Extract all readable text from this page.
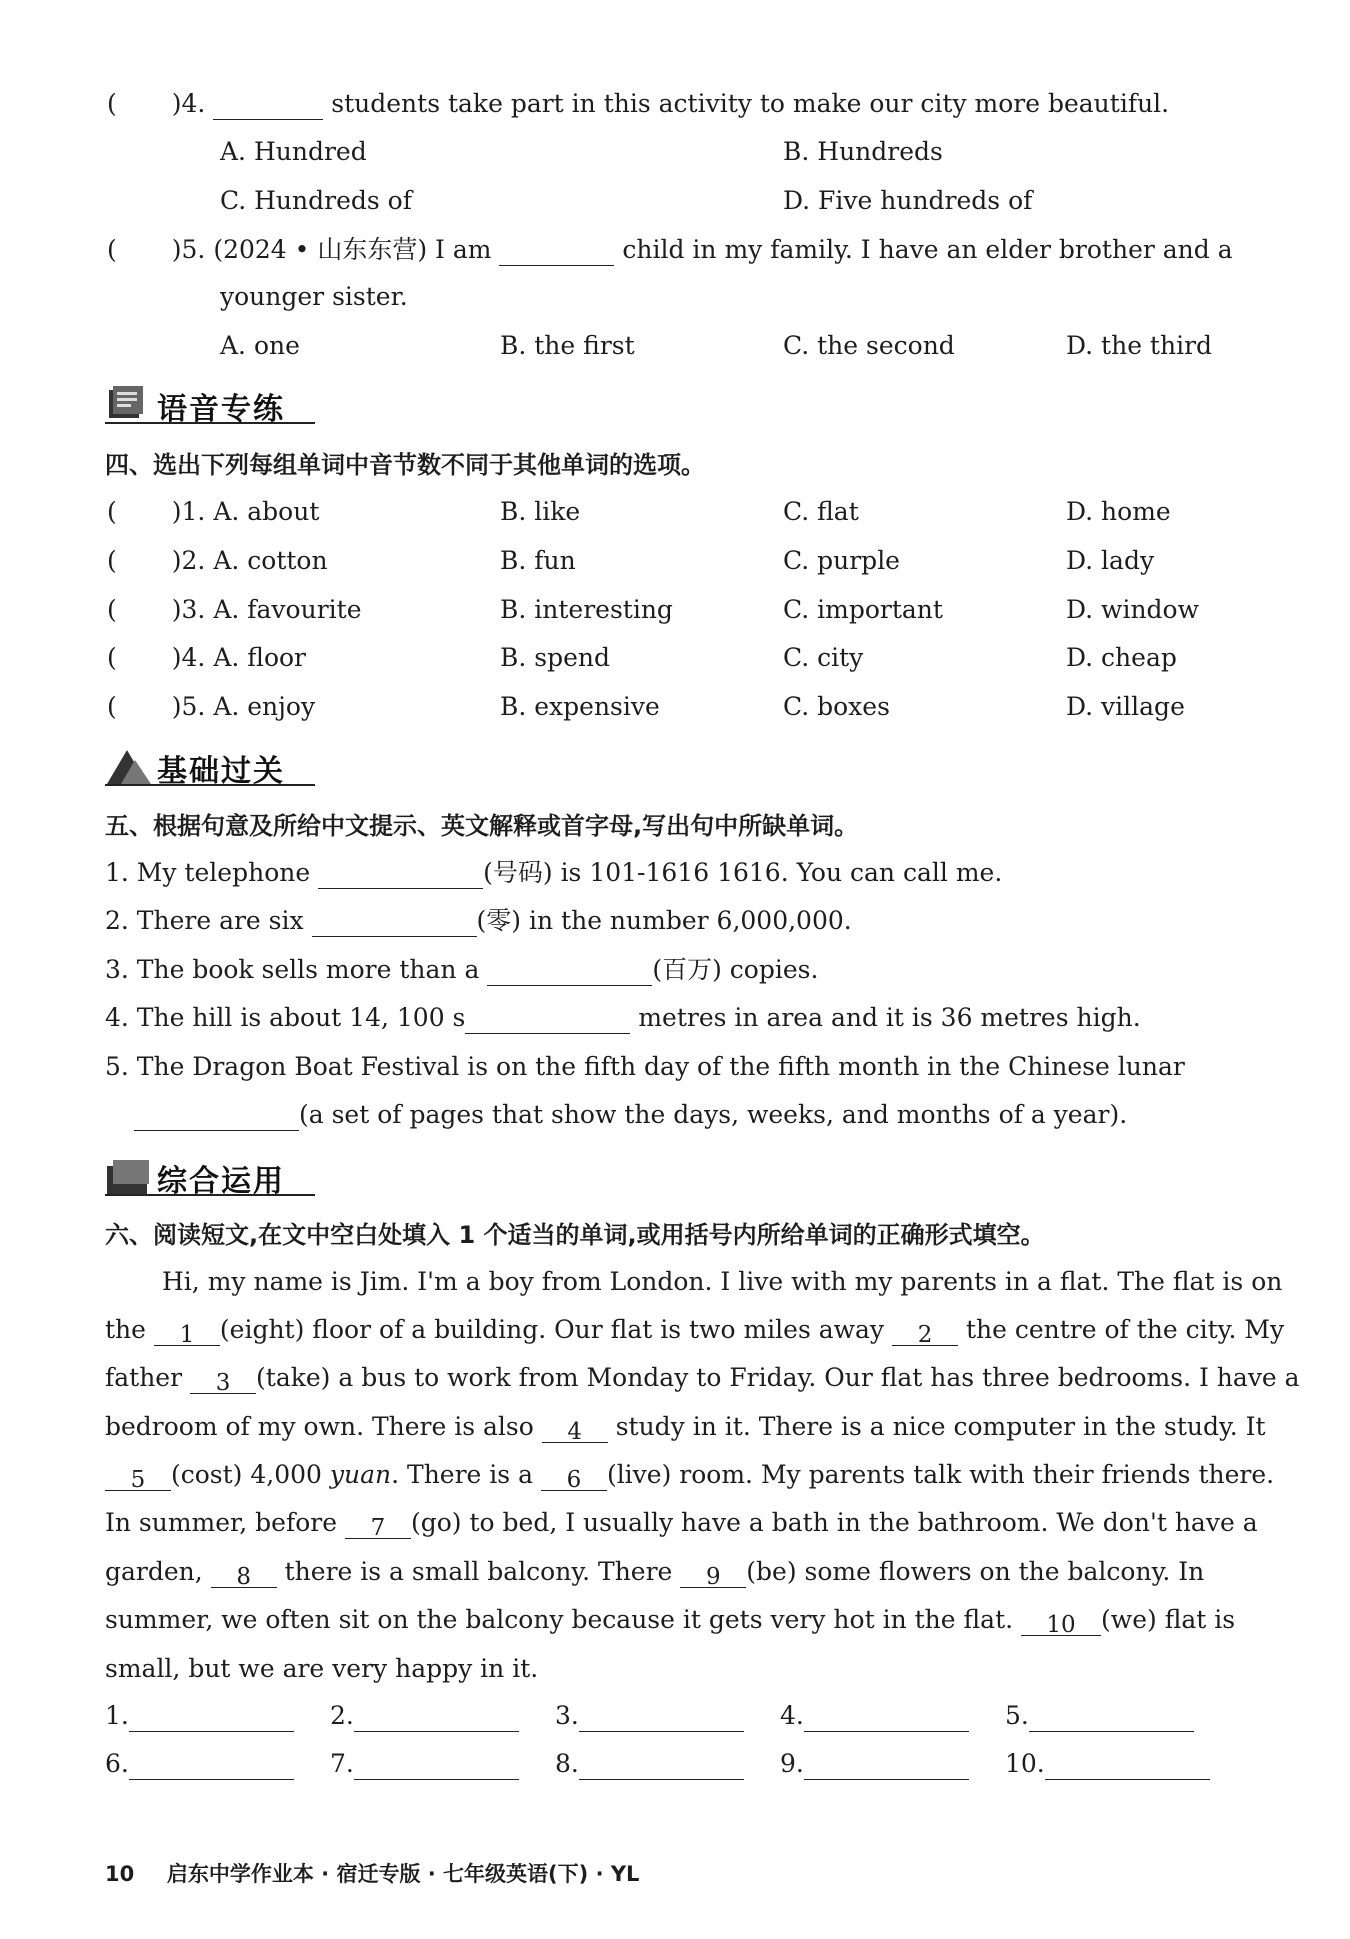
( )4.	students take part in this activity to make our city more beautiful.
A. Hundred	B. Hundreds
C. Hundreds of	D. Five hundreds of
( )5. (2024 • 山东东营) I am	child in my family. I have an elder brother and a
younger sister.
A. one	B. the first	C. the second	D. the third
语音专练
四、选出下列每组单词中音节数不同于其他单词的选项。
( )1. A. about	B. like	C. flat	D. home
( )2. A. cotton	B. fun	C. purple	D. lady
( )3. A. favourite	B. interesting	C. important	D. window
( )4. A. floor	B. spend	C. city	D. cheap
( )5. A. enjoy	B. expensive	C. boxes	D. village
基础过关
五、根据句意及所给中文提示、英文解释或首字母,写出句中所缺单词。
1. My telephone	(号码) is 101-1616 1616. You can call me.
2. There are six	(零) in the number 6,000,000.
3. The book sells more than a	(百万) copies.
4. The hill is about 14, 100 s	metres in area and it is 36 metres high.
5. The Dragon Boat Festival is on the fifth day of the fifth month in the Chinese lunar
(a set of pages that show the days, weeks, and months of a year).
综合运用
六、阅读短文,在文中空白处填入 1 个适当的单词,或用括号内所给单词的正确形式填空。
Hi, my name is Jim. I'm a boy from London. I live with my parents in a flat. The flat is on
the 1 (eight) floor of a building. Our flat is two miles away 2 the centre of the city. My
father 3 (take) a bus to work from Monday to Friday. Our flat has three bedrooms. I have a
bedroom of my own. There is also 4 study in it. There is a nice computer in the study. It
5 (cost) 4,000 yuan. There is a 6 (live) room. My parents talk with their friends there.
In summer, before 7 (go) to bed, I usually have a bath in the bathroom. We don't have a
garden, 8 there is a small balcony. There 9 (be) some flowers on the balcony. In
summer, we often sit on the balcony because it gets very hot in the flat. 10 (we) flat is
small, but we are very happy in it.
1.	2.	3.	4.	5.
6.	7.	8.	9.	10.
10 启东中学作业本 · 宿迁专版 · 七年级英语(下) · YL
